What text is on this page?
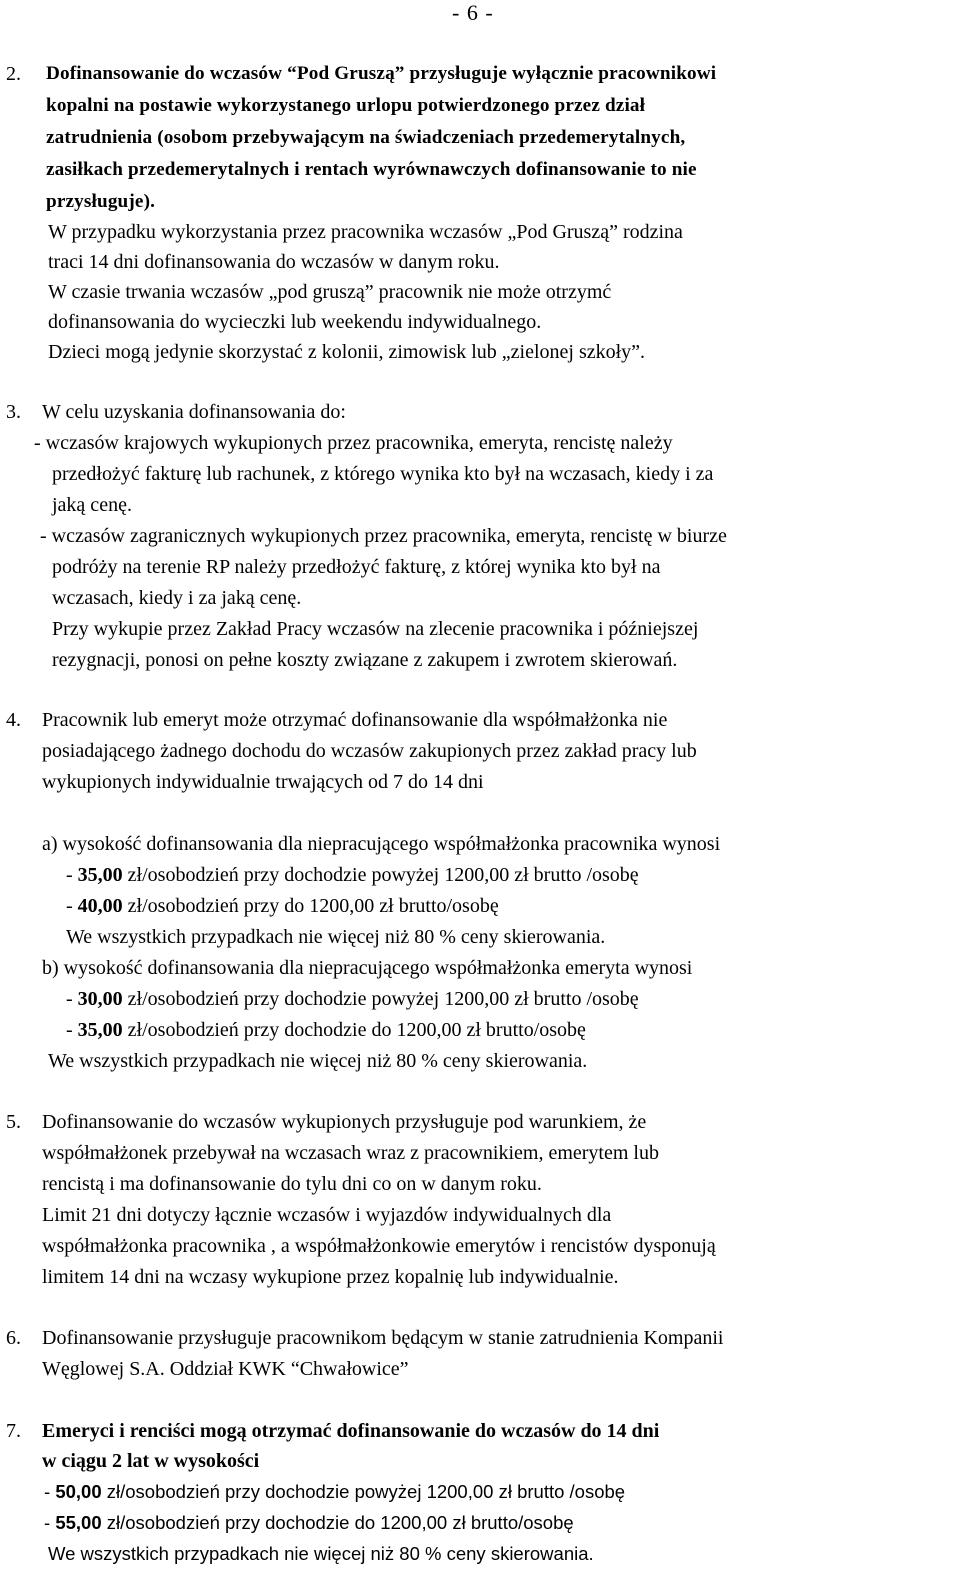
- 6 -
2. Dofinansowanie do wczasów “Pod Gruszą” przysługuje wyłącznie pracownikowi
kopalni na postawie wykorzystanego urlopu potwierdzonego przez dział
zatrudnienia (osobom przebywającym na świadczeniach przedemerytalnych,
zasiłkach przedemerytalnych i rentach wyrównawczych dofinansowanie to nie
przysługuje).
W przypadku wykorzystania przez pracownika wczasów „Pod Gruszą” rodzina
traci 14 dni dofinansowania do wczasów w danym roku.
W czasie trwania wczasów „pod gruszą” pracownik nie może otrzymć
dofinansowania do wycieczki lub weekendu indywidualnego.
Dzieci mogą jedynie skorzystać z kolonii, zimowisk lub „zielonej szkoły”.
3. W celu uzyskania dofinansowania do:
- wczasów krajowych wykupionych przez pracownika, emeryta, rencistę należy
przedłożyć fakturę lub rachunek, z którego wynika kto był na wczasach, kiedy i za
jaką cenę.
- wczasów zagranicznych wykupionych przez pracownika, emeryta, rencistę w biurze
podróży na terenie RP należy przedłożyć fakturę, z której wynika kto był na
wczasach, kiedy i za jaką cenę.
Przy wykupie przez Zakład Pracy wczasów na zlecenie pracownika i późniejszej
rezygnacji, ponosi on pełne koszty związane z zakupem i zwrotem skierowań.
4. Pracownik lub emeryt może otrzymać dofinansowanie dla współmałżonka nie
posiadającego żadnego dochodu do wczasów zakupionych przez zakład pracy lub
wykupionych indywidualnie trwających od 7 do 14 dni
a) wysokość dofinansowania dla niepracującego współmałżonka pracownika wynosi
- 35,00 zł/osobodzień przy dochodzie powyżej 1200,00 zł brutto /osobę
- 40,00 zł/osobodzień przy do 1200,00 zł brutto/osobę
We wszystkich przypadkach nie więcej niż 80 % ceny skierowania.
b) wysokość dofinansowania dla niepracującego współmałżonka emeryta wynosi
- 30,00 zł/osobodzień przy dochodzie powyżej 1200,00 zł brutto /osobę
- 35,00 zł/osobodzień przy dochodzie do 1200,00 zł brutto/osobę
We wszystkich przypadkach nie więcej niż 80 % ceny skierowania.
5. Dofinansowanie do wczasów wykupionych przysługuje pod warunkiem, że
współmałżonek przebywał na wczasach wraz z pracownikiem, emerytem lub
rencistą i ma dofinansowanie do tylu dni co on w danym roku.
Limit 21 dni dotyczy łącznie wczasów i wyjazdów indywidualnych dla
współmałżonka pracownika , a współmałżonkowie emerytów i rencistów dysponują
limitem 14 dni na wczasy wykupione przez kopalnię lub indywidualnie.
6. Dofinansowanie przysługuje pracownikom będącym w stanie zatrudnienia Kompanii
Węglowej S.A. Oddział KWK “Chwałowice”
7. Emeryci i renciści mogą otrzymać dofinansowanie do wczasów do 14 dni
w ciągu 2 lat w wysokości
- 50,00 zł/osobodzień przy dochodzie powyżej 1200,00 zł brutto /osobę
- 55,00 zł/osobodzień przy dochodzie do 1200,00 zł brutto/osobę
We wszystkich przypadkach nie więcej niż 80 % ceny skierowania.
